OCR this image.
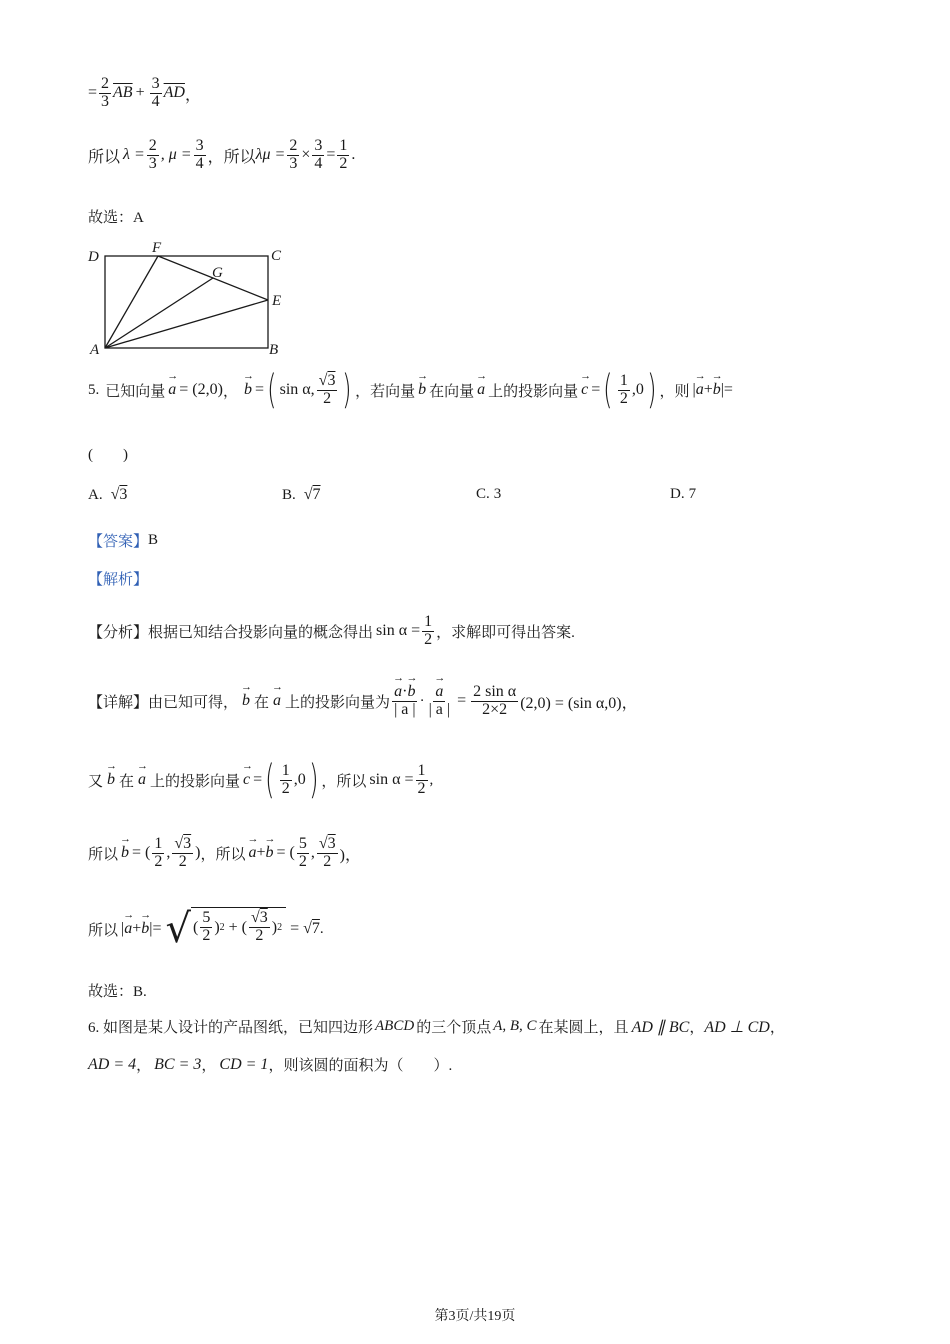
= $\frac{2}{3} \overline{AB} + \frac{3}{4} \overline{AD}$ ，
所以 $\lambda = \frac{2}{3}$ , $\mu = \frac{3}{4}$ ，所以 $\lambda\mu = \frac{2}{3} \times \frac{3}{4} = \frac{1}{2}$ .
故选：A
D
F	C
G
E
A	B
5. 已知向量 → a = (2,0) ， → b = ( sin α, $\frac{√3}{2}$ ) ，若向量 → b 在向量 → a 上的投影向量 → c = ( $\frac{1}{2} ,0$ ) ，则 | → a + → b |=
(　　)
A. √3	B. √7	C. 3	D. 7
【答案】 B
【解析】
【分析】 根据已知结合投影向量的概念得出 $\sin \alpha = \frac{1}{2}$ ，求解即可得出答案.
【详解】 由已知可得， → b 在 → a 上的投影向量为 → $\frac{a\cdot\to b}{| a |}$ · → $\frac{a}{| a |} = \frac{\text{2 sin α}}{2\times 2} (2,0) = (\sin$ α,0)，
又 → b 在 → a 上的投影向量 → c = ( $\frac{1}{2} ,0$ ) ，所以 $\sin \alpha = \frac{1}{2}$ ,
所以 → b = ( $\frac{1}{2}$ , $\frac{√3}{2}$ ) ，所以 → a + → b = ( $\frac{5}{2}$ , $\frac{√3}{2}$ )，
所以 | → a + → b |= √ ( $\frac{5}{2}$ ) 2 + ( $\frac{√3}{2}$ ) 2 = √7 .
故选：B.
6. 如图是某人设计的产品图纸，已知四边形 ABCD 的三个顶点 A, B, C 在某圆上，且 AD ∥ BC ， AD ⊥ CD ，
AD = 4 ， BC = 3 ， CD = 1 ，则该圆的面积为（　　）.
第3页/共19页
